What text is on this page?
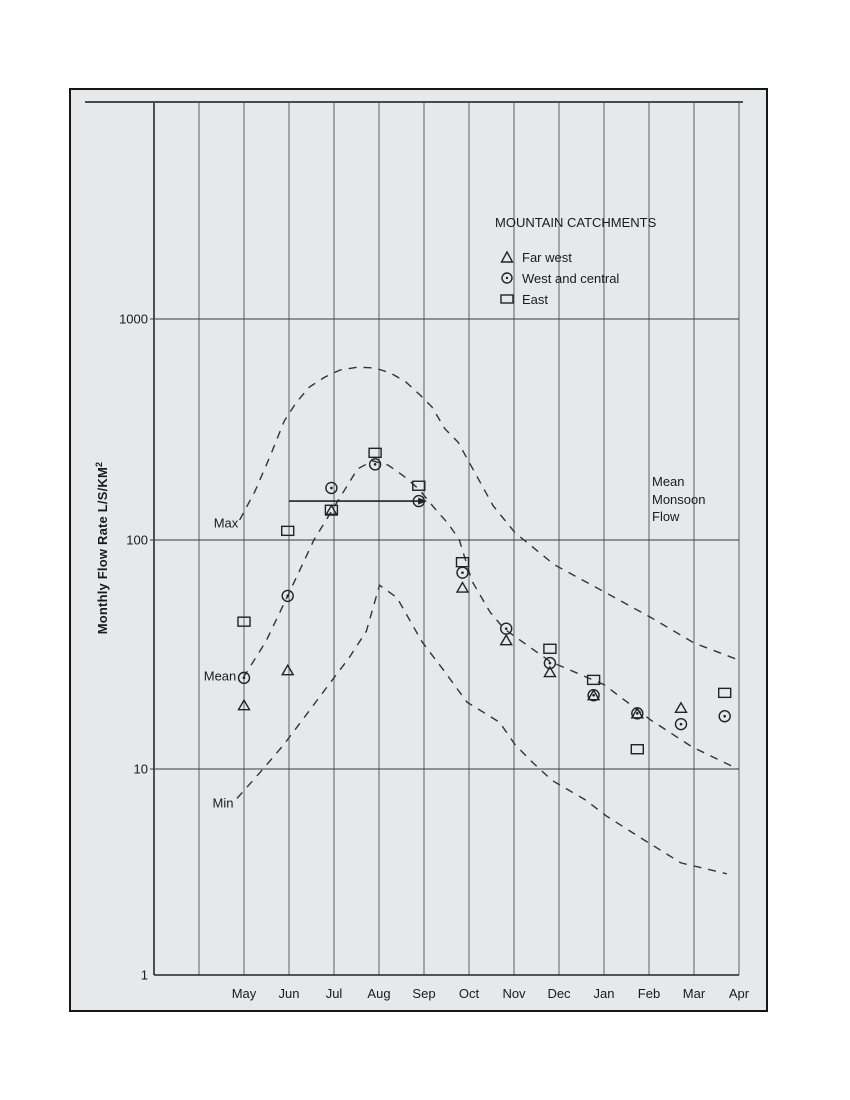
Monthly Flow Rate $L/S/KM^2$
MOUNTAIN CATCHMENTS
Far west
West and central
East
Max
Mean
Min
Mean
Monsoon
Flow
May Jun Jul Aug Sep Oct Nov Dec Jan Feb Mar Apr
1000
100
10
1
